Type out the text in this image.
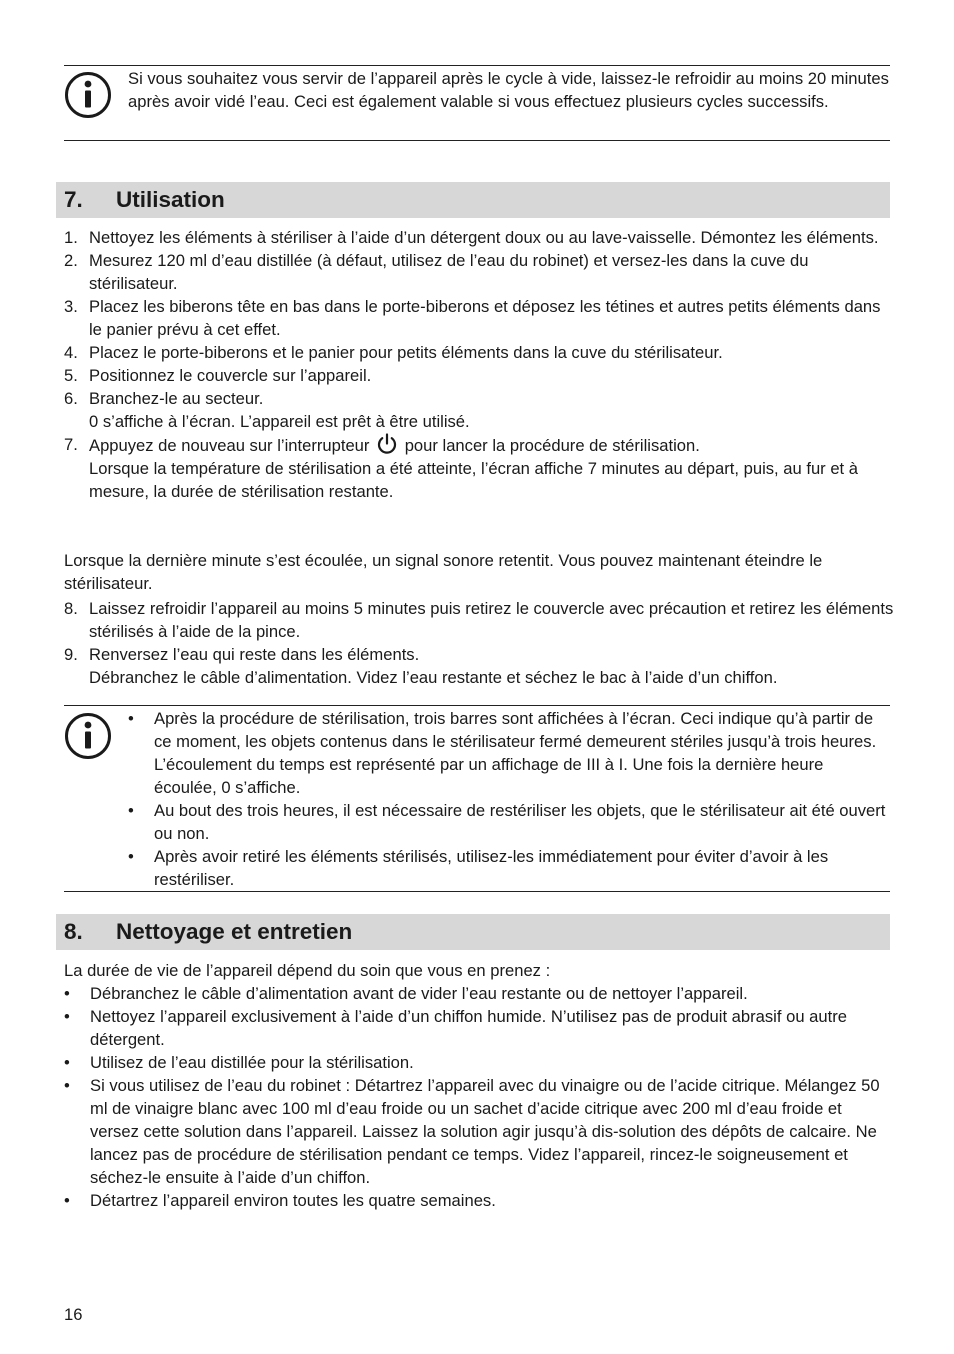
Si vous souhaitez vous servir de l’appareil après le cycle à vide, laissez-le refroidir au moins 20 minutes après avoir vidé l’eau. Ceci est également valable si vous effectuez plusieurs cycles successifs.
7. Utilisation
1. Nettoyez les éléments à stériliser à l’aide d’un détergent doux ou au lave-vaisselle. Démontez les éléments.
2. Mesurez 120 ml d’eau distillée (à défaut, utilisez de l’eau du robinet) et versez-les dans la cuve du stérilisateur.
3. Placez les biberons tête en bas dans le porte-biberons et déposez les tétines et autres petits éléments dans le panier prévu à cet effet.
4. Placez le porte-biberons et le panier pour petits éléments dans la cuve du stérilisateur.
5. Positionnez le couvercle sur l’appareil.
6. Branchez-le au secteur.
0 s’affiche à l’écran. L’appareil est prêt à être utilisé.
7. Appuyez de nouveau sur l’interrupteur pour lancer la procédure de stérilisation.
Lorsque la température de stérilisation a été atteinte, l’écran affiche 7 minutes au départ, puis, au fur et à mesure, la durée de stérilisation restante.
Lorsque la dernière minute s’est écoulée, un signal sonore retentit. Vous pouvez maintenant éteindre le stérilisateur.
8. Laissez refroidir l’appareil au moins 5 minutes puis retirez le couvercle avec précaution et retirez les éléments stérilisés à l’aide de la pince.
9. Renversez l’eau qui reste dans les éléments.
Débranchez le câble d’alimentation. Videz l’eau restante et séchez le bac à l’aide d’un chiffon.
•	Après la procédure de stérilisation, trois barres sont affichées à l’écran. Ceci indique qu’à partir de ce moment, les objets contenus dans le stérilisateur fermé demeurent stériles jusqu’à trois heures. L’écoulement du temps est représenté par un affichage de III à I. Une fois la dernière heure écoulée, 0 s’affiche.
•	Au bout des trois heures, il est nécessaire de restériliser les objets, que le stérilisateur ait été ouvert ou non.
•	Après avoir retiré les éléments stérilisés, utilisez-les immédiatement pour éviter d’avoir à les restériliser.
8. Nettoyage et entretien
La durée de vie de l’appareil dépend du soin que vous en prenez :
•	Débranchez le câble d’alimentation avant de vider l’eau restante ou de nettoyer l’appareil.
•	Nettoyez l’appareil exclusivement à l’aide d’un chiffon humide. N’utilisez pas de produit abrasif ou autre détergent.
•	Utilisez de l’eau distillée pour la stérilisation.
•	Si vous utilisez de l’eau du robinet : Détartrez l’appareil avec du vinaigre ou de l’acide citrique. Mélangez 50 ml de vinaigre blanc avec 100 ml d’eau froide ou un sachet d’acide citrique avec 200 ml d’eau froide et versez cette solution dans l’appareil. Laissez la solution agir jusqu’à dis-solution des dépôts de calcaire. Ne lancez pas de procédure de stérilisation pendant ce temps. Videz l’appareil, rincez-le soigneusement et séchez-le ensuite à l’aide d’un chiffon.
•	Détartrez l’appareil environ toutes les quatre semaines.
16
